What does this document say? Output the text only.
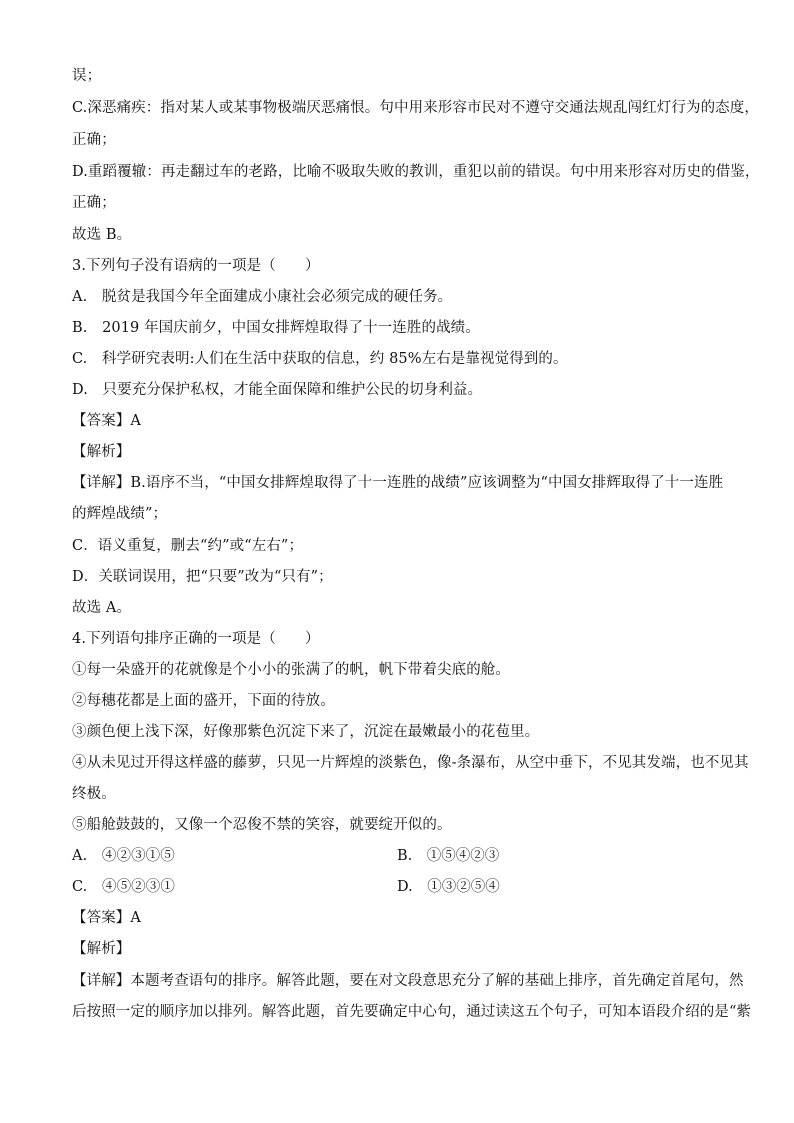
误；
C.深恶痛疾：指对某人或某事物极端厌恶痛恨。句中用来形容市民对不遵守交通法规乱闯红灯行为的态度，
正确；
D.重蹈覆辙：再走翻过车的老路，比喻不吸取失败的教训，重犯以前的错误。句中用来形容对历史的借鉴，
正确；
故选 B。
3.下列句子没有语病的一项是（　　）
A.　脱贫是我国今年全面建成小康社会必须完成的硬任务。
B.　2019 年国庆前夕，中国女排辉煌取得了十一连胜的战绩。
C.　科学研究表明:人们在生活中获取的信息，约 85%左右是靠视觉得到的。
D.　只要充分保护私权，才能全面保障和维护公民的切身利益。
【答案】A
【解析】
【详解】B.语序不当，“中国女排辉煌取得了十一连胜的战绩”应该调整为“中国女排辉取得了十一连胜
的辉煌战绩”；
C．语义重复，删去“约”或“左右”；
D．关联词误用，把“只要”改为“只有”；
故选 A。
4.下列语句排序正确的一项是（　　）
①每一朵盛开的花就像是个小小的张满了的帆，帆下带着尖底的舱。
②每穗花都是上面的盛开，下面的待放。
③颜色便上浅下深，好像那紫色沉淀下来了，沉淀在最嫩最小的花苞里。
④从未见过开得这样盛的藤萝，只见一片辉煌的淡紫色，像-条瀑布，从空中垂下，不见其发端，也不见其
终极。
⑤船舱鼓鼓的，又像一个忍俊不禁的笑容，就要绽开似的。
A.　④②③①⑤	B.　①⑤④②③
C.　④⑤②③①	D.　①③②⑤④
【答案】A
【解析】
【详解】本题考查语句的排序。解答此题，要在对文段意思充分了解的基础上排序，首先确定首尾句，然
后按照一定的顺序加以排列。解答此题，首先要确定中心句，通过读这五个句子，可知本语段介绍的是“紫
